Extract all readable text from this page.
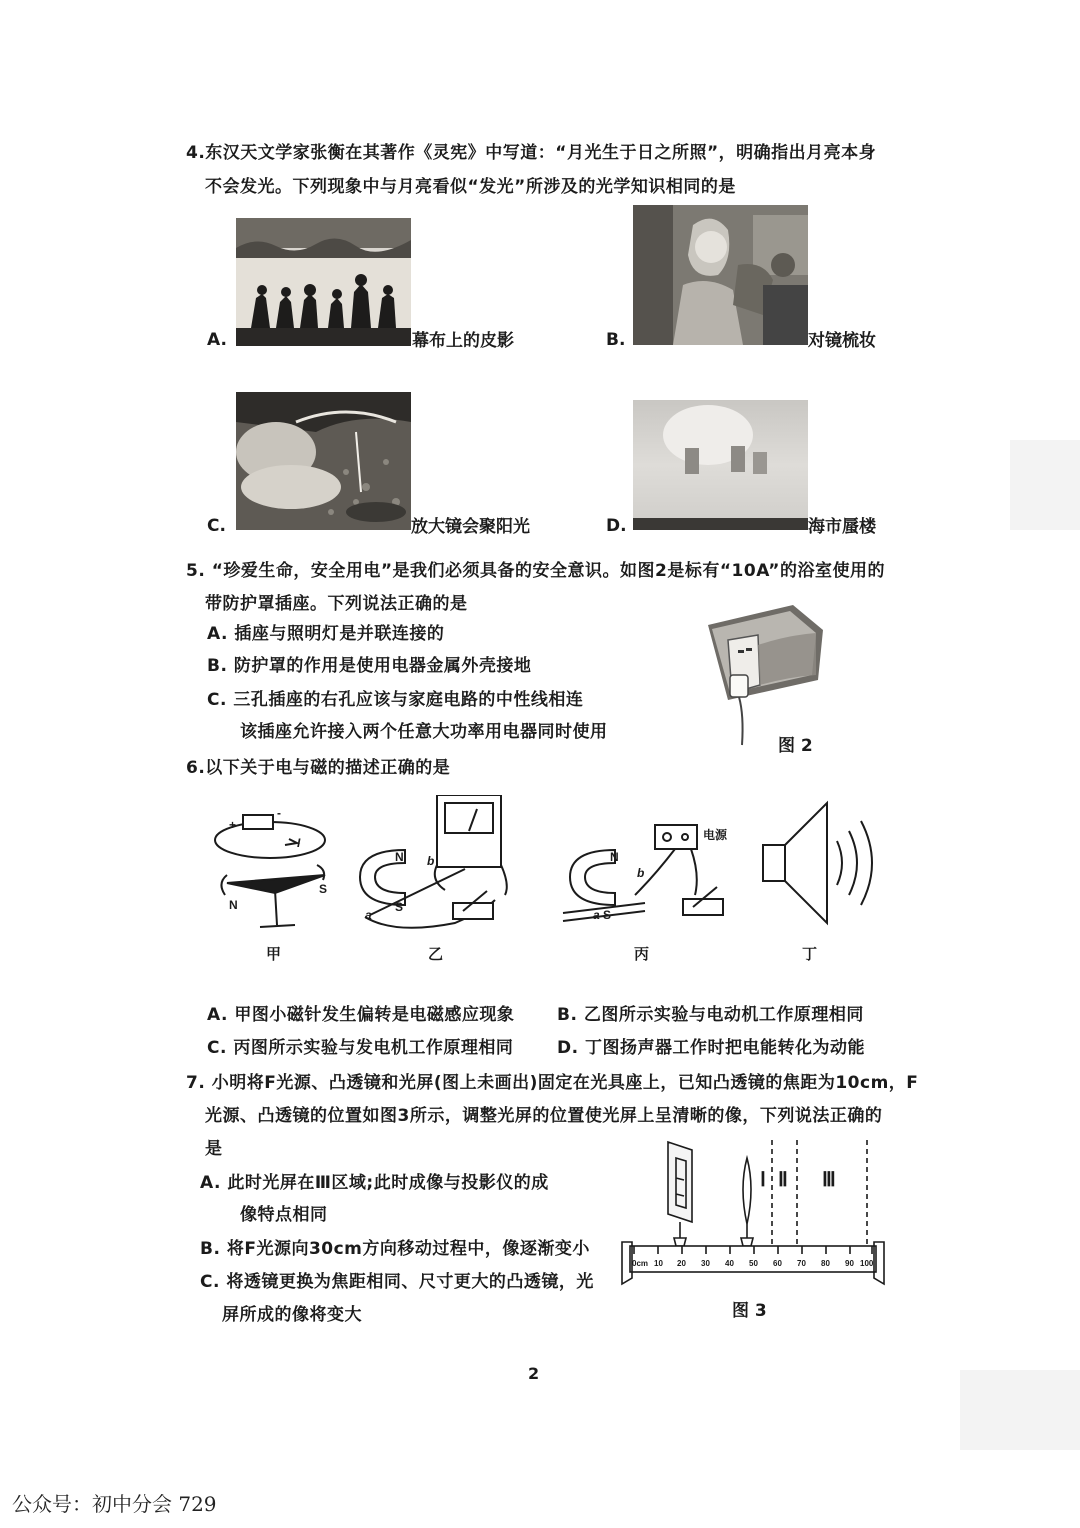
4.东汉天文学家张衡在其著作《灵宪》中写道：“月光生于日之所照”，明确指出月亮本身
不会发光。下列现象中与月亮看似“发光”所涉及的光学知识相同的是
A.	幕布上的皮影	B.	对镜梳妆
C.	放大镜会聚阳光	D.	海市蜃楼
5. “珍爱生命，安全用电”是我们必须具备的安全意识。如图2是标有“10A”的浴室使用的
带防护罩插座。下列说法正确的是
A. 插座与照明灯是并联连接的
B. 防护罩的作用是使用电器金属外壳接地
C. 三孔插座的右孔应该与家庭电路的中性线相连
该插座允许接入两个任意大功率用电器同时使用
图 2
6.以下关于电与磁的描述正确的是
+
-
I
N
S
N b
a
S
N
b
a S
电源
甲	乙	丙	丁
A. 甲图小磁针发生偏转是电磁感应现象	B. 乙图所示实验与电动机工作原理相同
C. 丙图所示实验与发电机工作原理相同	D. 丁图扬声器工作时把电能转化为动能
7. 小明将F光源、凸透镜和光屏(图上未画出)固定在光具座上，已知凸透镜的焦距为10cm，F
光源、凸透镜的位置如图3所示，调整光屏的位置使光屏上呈清晰的像，下列说法正确的
是
A. 此时光屏在Ⅲ区域;此时成像与投影仪的成
像特点相同
B. 将F光源向30cm方向移动过程中，像逐渐变小
C. 将透镜更换为焦距相同、尺寸更大的凸透镜，光
屏所成的像将变大
Ⅰ Ⅱ Ⅲ
0cm 10 20 30 40 50 60 70 80 90 100
图 3
2
公众号：初中分会 729
